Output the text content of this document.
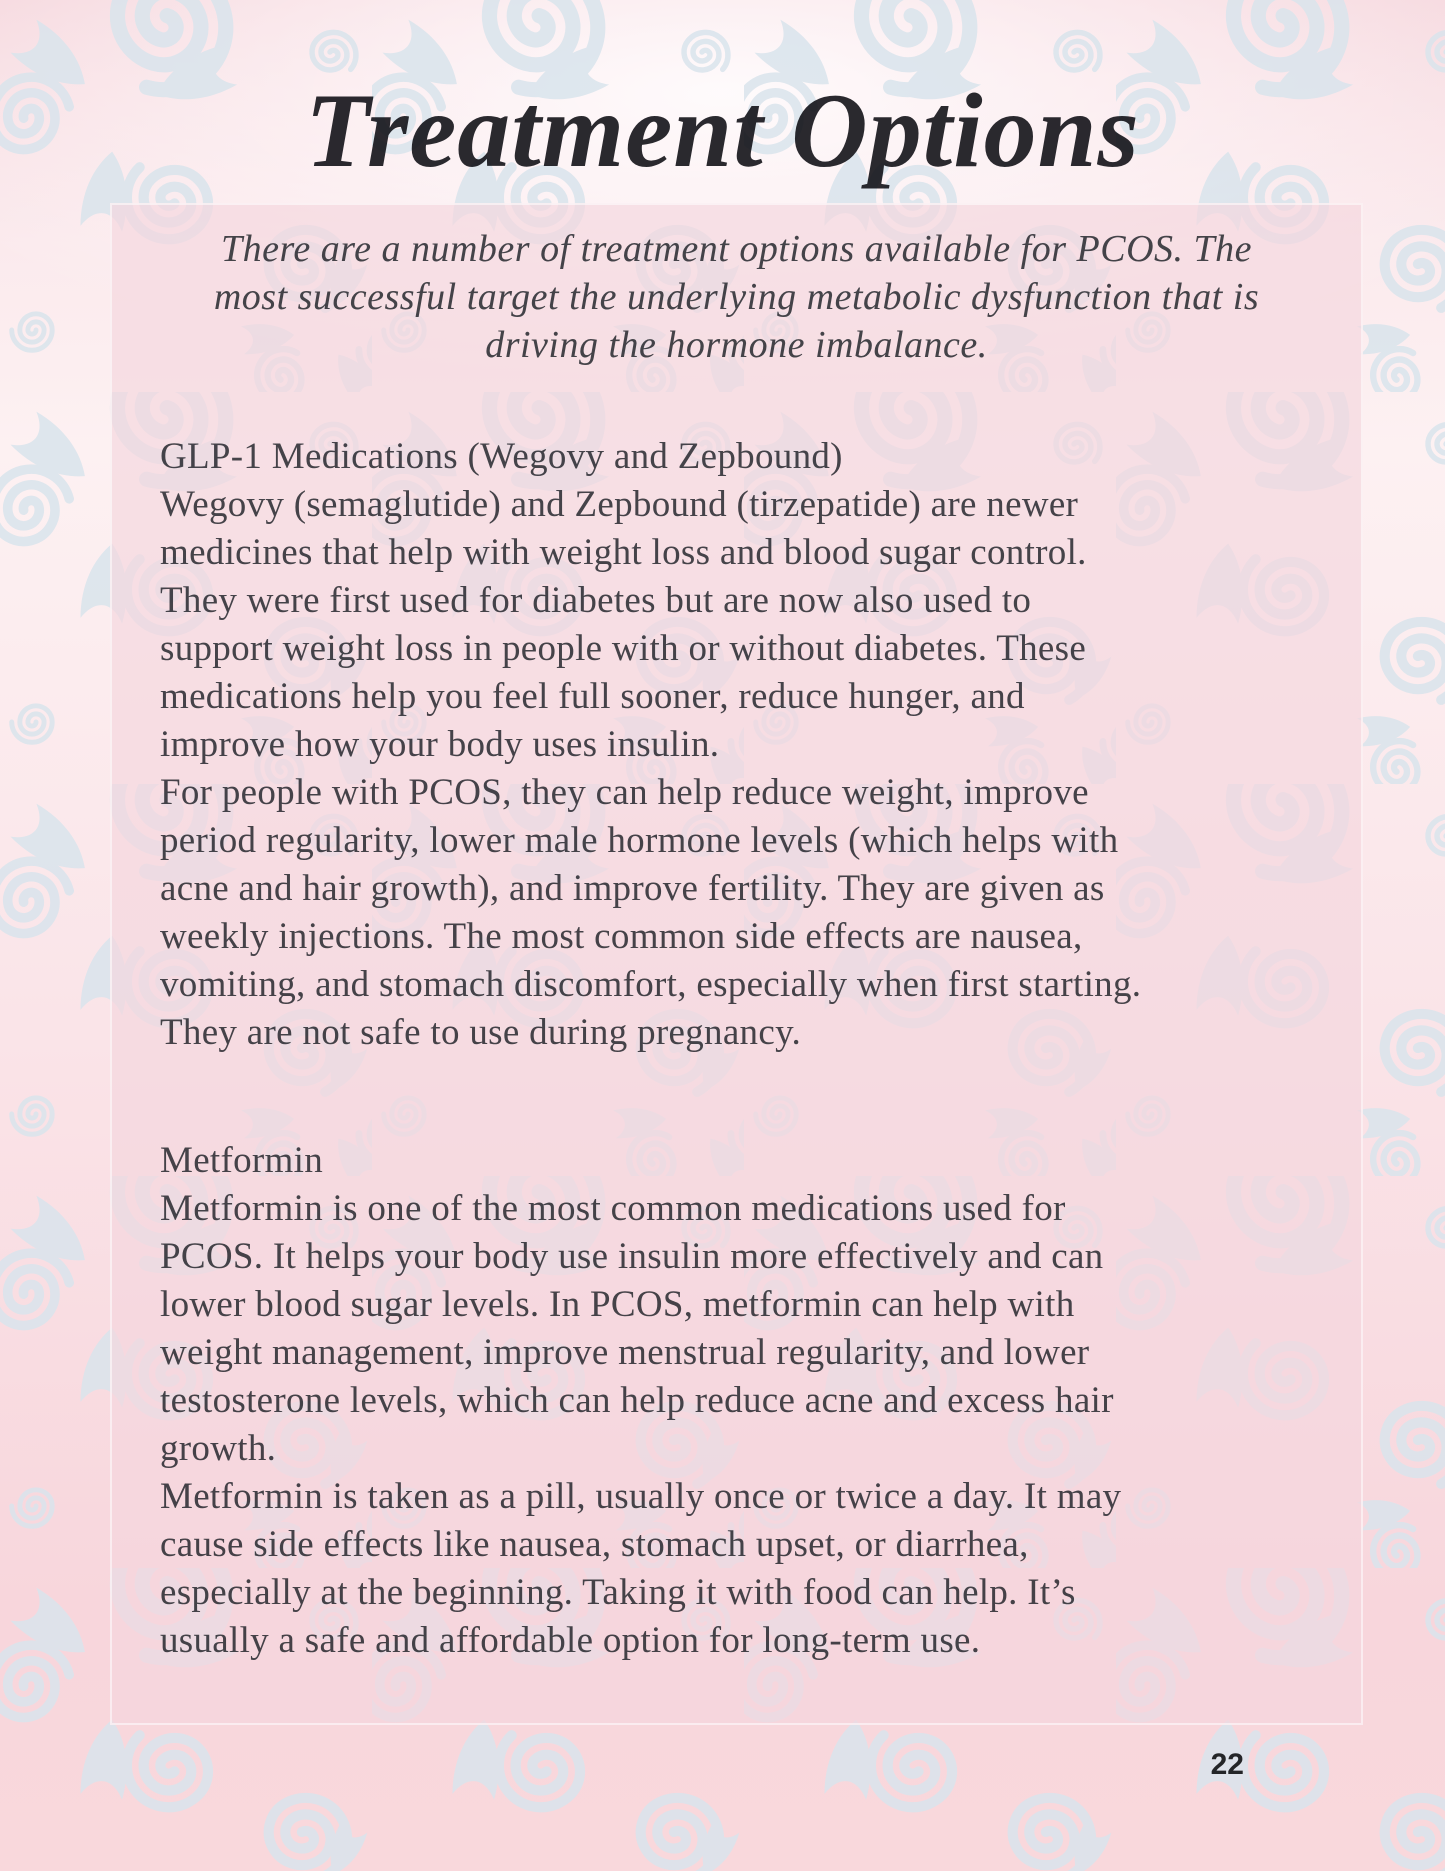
Treatment Options
There are a number of treatment options available for PCOS. The
most successful target the underlying metabolic dysfunction that is
driving the hormone imbalance.
GLP-1 Medications (Wegovy and Zepbound)
Wegovy (semaglutide) and Zepbound (tirzepatide) are newer
medicines that help with weight loss and blood sugar control.
They were first used for diabetes but are now also used to
support weight loss in people with or without diabetes. These
medications help you feel full sooner, reduce hunger, and
improve how your body uses insulin.
For people with PCOS, they can help reduce weight, improve
period regularity, lower male hormone levels (which helps with
acne and hair growth), and improve fertility. They are given as
weekly injections. The most common side effects are nausea,
vomiting, and stomach discomfort, especially when first starting.
They are not safe to use during pregnancy.
Metformin
Metformin is one of the most common medications used for
PCOS. It helps your body use insulin more effectively and can
lower blood sugar levels. In PCOS, metformin can help with
weight management, improve menstrual regularity, and lower
testosterone levels, which can help reduce acne and excess hair
growth.
Metformin is taken as a pill, usually once or twice a day. It may
cause side effects like nausea, stomach upset, or diarrhea,
especially at the beginning. Taking it with food can help. It’s
usually a safe and affordable option for long-term use.
22
